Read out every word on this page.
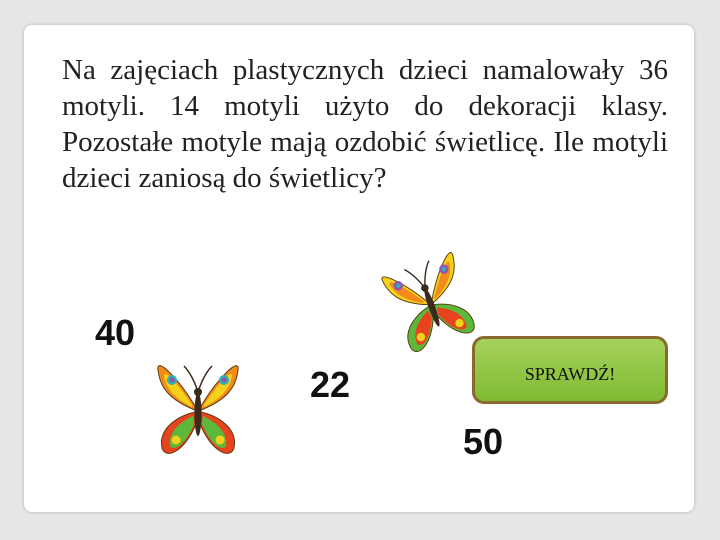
Na zajęciach plastycznych dzieci namalowały 36 motyli. 14 motyli użyto do dekoracji klasy. Pozostałe motyle mają ozdobić świetlicę. Ile motyli dzieci zaniosą do świetlicy?

40
22
50
SPRAWDŹ!
